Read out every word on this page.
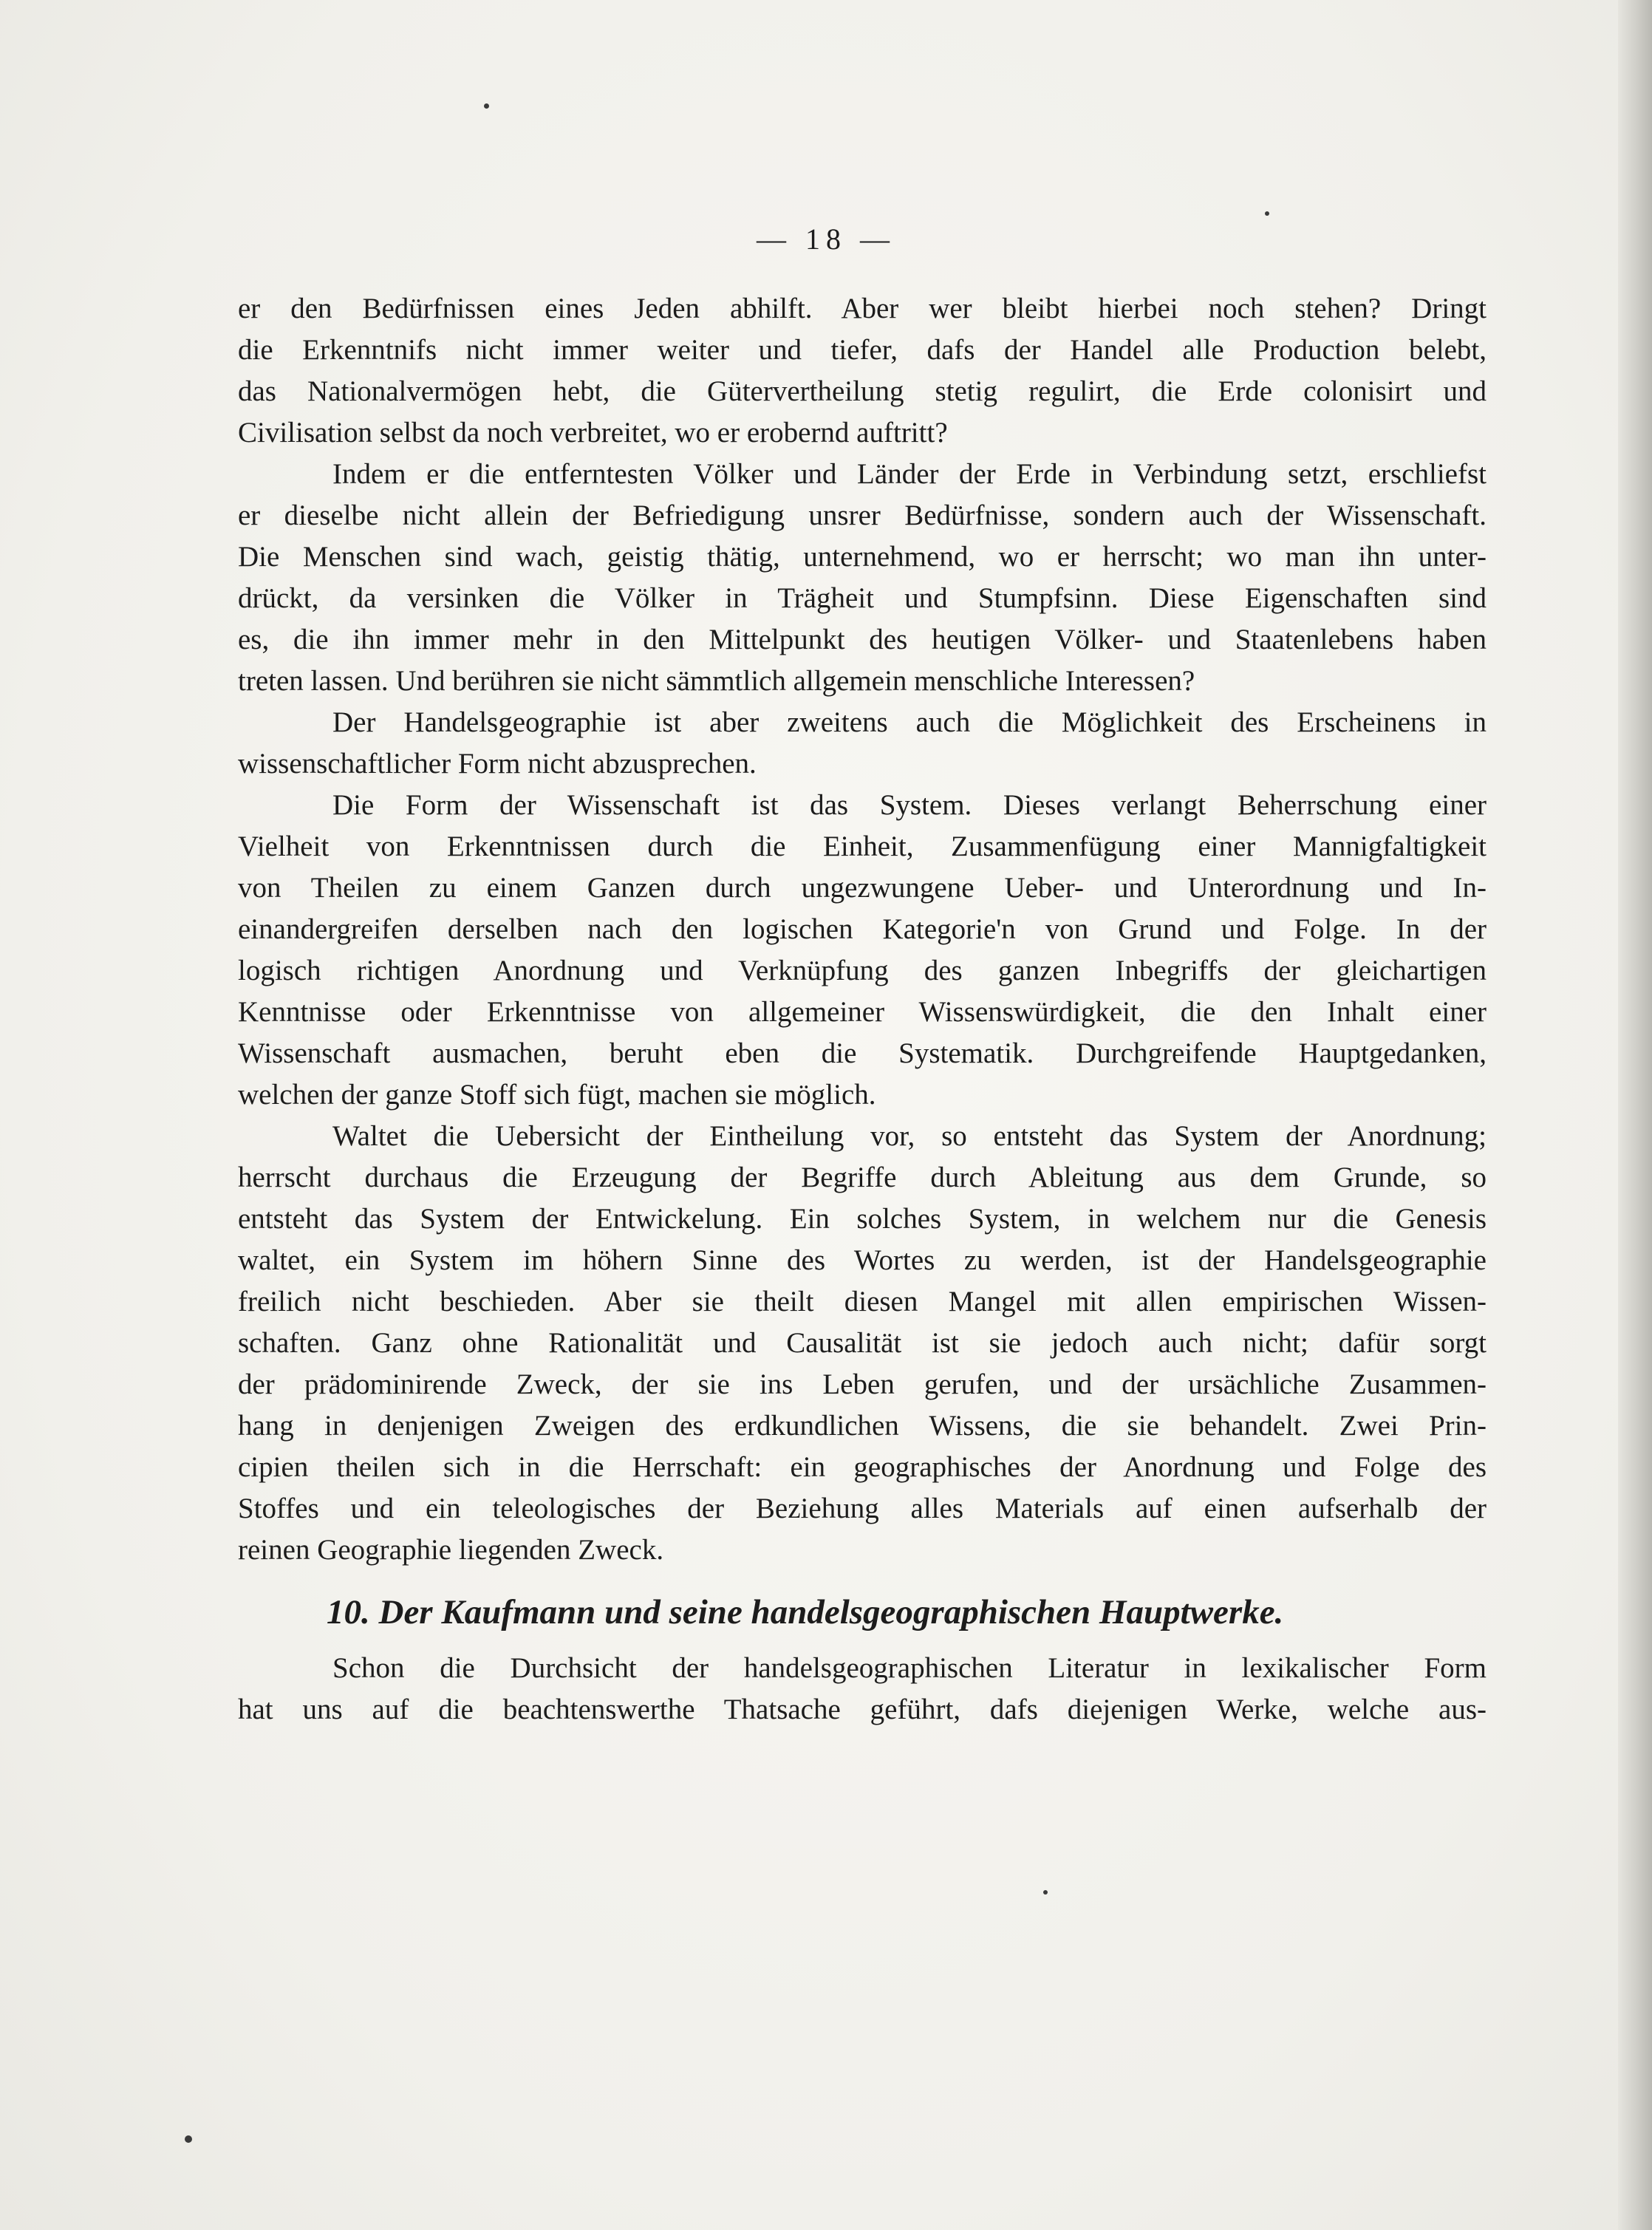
— 18 —
er den Bedürfnissen eines Jeden abhilft. Aber wer bleibt hierbei noch stehen? Dringt
die Erkenntnifs nicht immer weiter und tiefer, dafs der Handel alle Production belebt,
das Nationalvermögen hebt, die Gütervertheilung stetig regulirt, die Erde colonisirt und
Civilisation selbst da noch verbreitet, wo er erobernd auftritt?
Indem er die entferntesten Völker und Länder der Erde in Verbindung setzt, erschliefst
er dieselbe nicht allein der Befriedigung unsrer Bedürfnisse, sondern auch der Wissenschaft.
Die Menschen sind wach, geistig thätig, unternehmend, wo er herrscht; wo man ihn unter-
drückt, da versinken die Völker in Trägheit und Stumpfsinn. Diese Eigenschaften sind
es, die ihn immer mehr in den Mittelpunkt des heutigen Völker- und Staatenlebens haben
treten lassen. Und berühren sie nicht sämmtlich allgemein menschliche Interessen?
Der Handelsgeographie ist aber zweitens auch die Möglichkeit des Erscheinens in
wissenschaftlicher Form nicht abzusprechen.
Die Form der Wissenschaft ist das System. Dieses verlangt Beherrschung einer
Vielheit von Erkenntnissen durch die Einheit, Zusammenfügung einer Mannigfaltigkeit
von Theilen zu einem Ganzen durch ungezwungene Ueber- und Unterordnung und In-
einandergreifen derselben nach den logischen Kategorie'n von Grund und Folge. In der
logisch richtigen Anordnung und Verknüpfung des ganzen Inbegriffs der gleichartigen
Kenntnisse oder Erkenntnisse von allgemeiner Wissenswürdigkeit, die den Inhalt einer
Wissenschaft ausmachen, beruht eben die Systematik. Durchgreifende Hauptgedanken,
welchen der ganze Stoff sich fügt, machen sie möglich.
Waltet die Uebersicht der Eintheilung vor, so entsteht das System der Anordnung;
herrscht durchaus die Erzeugung der Begriffe durch Ableitung aus dem Grunde, so
entsteht das System der Entwickelung. Ein solches System, in welchem nur die Genesis
waltet, ein System im höhern Sinne des Wortes zu werden, ist der Handelsgeographie
freilich nicht beschieden. Aber sie theilt diesen Mangel mit allen empirischen Wissen-
schaften. Ganz ohne Rationalität und Causalität ist sie jedoch auch nicht; dafür sorgt
der prädominirende Zweck, der sie ins Leben gerufen, und der ursächliche Zusammen-
hang in denjenigen Zweigen des erdkundlichen Wissens, die sie behandelt. Zwei Prin-
cipien theilen sich in die Herrschaft: ein geographisches der Anordnung und Folge des
Stoffes und ein teleologisches der Beziehung alles Materials auf einen aufserhalb der
reinen Geographie liegenden Zweck.
10. Der Kaufmann und seine handelsgeographischen Hauptwerke.
Schon die Durchsicht der handelsgeographischen Literatur in lexikalischer Form
hat uns auf die beachtenswerthe Thatsache geführt, dafs diejenigen Werke, welche aus-
